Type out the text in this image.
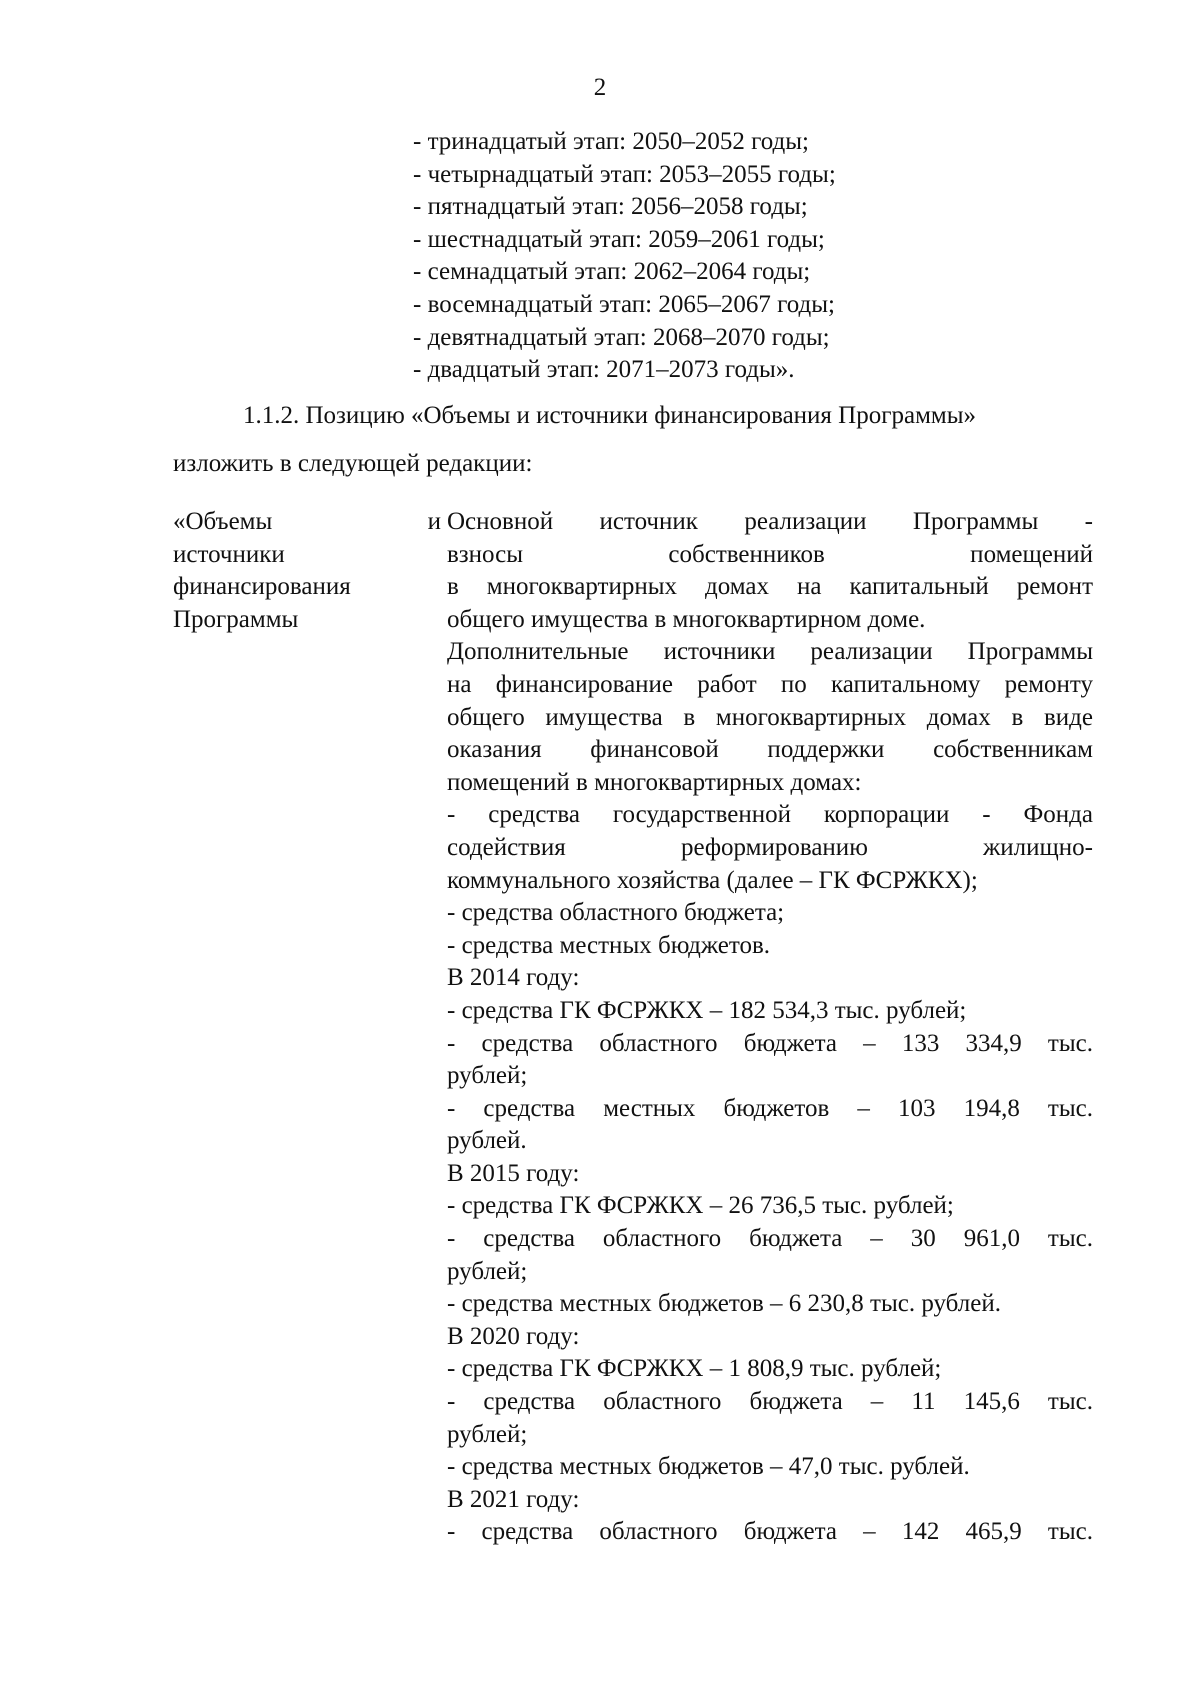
2
- тринадцатый этап: 2050–2052 годы;
- четырнадцатый этап: 2053–2055 годы;
- пятнадцатый этап: 2056–2058 годы;
- шестнадцатый этап: 2059–2061 годы;
- семнадцатый этап: 2062–2064 годы;
- восемнадцатый этап: 2065–2067 годы;
- девятнадцатый этап: 2068–2070 годы;
- двадцатый этап: 2071–2073 годы».
1.1.2. Позицию «Объемы и источники финансирования Программы»
изложить в следующей редакции:
«Объемы	и
источники
финансирования
Программы
Основной источник реализации Программы -
взносы собственников помещений
в многоквартирных домах на капитальный ремонт
общего имущества в многоквартирном доме.
Дополнительные источники реализации Программы
на финансирование работ по капитальному ремонту
общего имущества в многоквартирных домах в виде
оказания финансовой поддержки собственникам
помещений в многоквартирных домах:
- средства государственной корпорации - Фонда
содействия реформированию жилищно-
коммунального хозяйства (далее – ГК ФСРЖКХ);
- средства областного бюджета;
- средства местных бюджетов.
В 2014 году:
- средства ГК ФСРЖКХ – 182 534,3 тыс. рублей;
- средства областного бюджета – 133 334,9 тыс.
рублей;
- средства местных бюджетов – 103 194,8 тыс.
рублей.
В 2015 году:
- средства ГК ФСРЖКХ – 26 736,5 тыс. рублей;
- средства областного бюджета – 30 961,0 тыс.
рублей;
- средства местных бюджетов – 6 230,8 тыс. рублей.
В 2020 году:
- средства ГК ФСРЖКХ – 1 808,9 тыс. рублей;
- средства областного бюджета – 11 145,6 тыс.
рублей;
- средства местных бюджетов – 47,0 тыс. рублей.
В 2021 году:
- средства областного бюджета – 142 465,9 тыс.
